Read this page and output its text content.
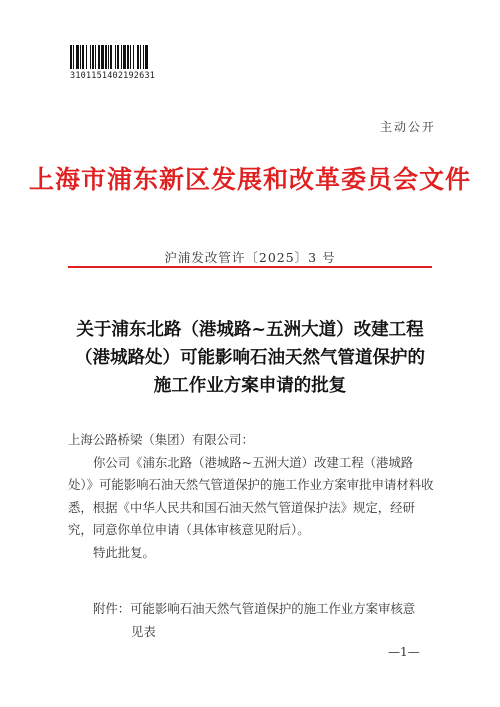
3101151402192631
主动公开
上海市浦东新区发展和改革委员会文件
沪浦发改管许〔2025〕3 号
关于浦东北路（港城路~五洲大道）改建工程
（港城路处）可能影响石油天然气管道保护的
施工作业方案申请的批复

上海公路桥梁（集团）有限公司：

你公司《浦东北路（港城路~五洲大道）改建工程（港城路处）》可能影响石油天然气管道保护的施工作业方案审批申请材料收悉，根据《中华人民共和国石油天然气管道保护法》规定，经研究，同意你单位申请（具体审核意见附后）。

特此批复。

附件：可能影响石油天然气管道保护的施工作业方案审核意
见表
—1—
